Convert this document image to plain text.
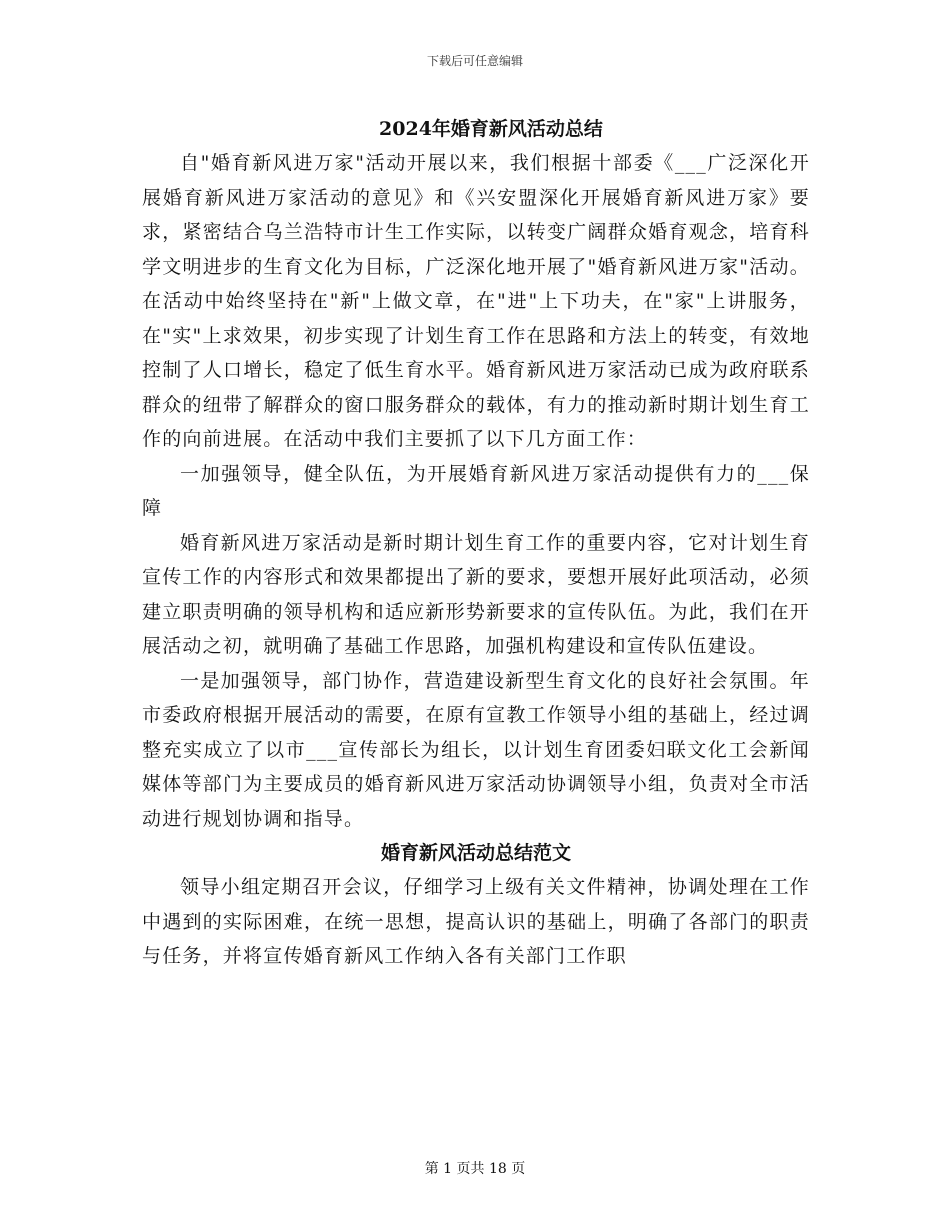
下载后可任意编辑
2024年婚育新风活动总结

自"婚育新风进万家"活动开展以来，我们根据十部委《___广泛深化开展婚育新风进万家活动的意见》和《兴安盟深化开展婚育新风进万家》要求，紧密结合乌兰浩特市计生工作实际，以转变广阔群众婚育观念，培育科学文明进步的生育文化为目标，广泛深化地开展了"婚育新风进万家"活动。在活动中始终坚持在"新"上做文章，在"进"上下功夫，在"家"上讲服务，在"实"上求效果，初步实现了计划生育工作在思路和方法上的转变，有效地控制了人口增长，稳定了低生育水平。婚育新风进万家活动已成为政府联系群众的纽带了解群众的窗口服务群众的载体，有力的推动新时期计划生育工作的向前进展。在活动中我们主要抓了以下几方面工作：

一加强领导，健全队伍，为开展婚育新风进万家活动提供有力的___保障

婚育新风进万家活动是新时期计划生育工作的重要内容，它对计划生育宣传工作的内容形式和效果都提出了新的要求，要想开展好此项活动，必须建立职责明确的领导机构和适应新形势新要求的宣传队伍。为此，我们在开展活动之初，就明确了基础工作思路，加强机构建设和宣传队伍建设。

一是加强领导，部门协作，营造建设新型生育文化的良好社会氛围。年市委政府根据开展活动的需要，在原有宣教工作领导小组的基础上，经过调整充实成立了以市___宣传部长为组长，以计划生育团委妇联文化工会新闻媒体等部门为主要成员的婚育新风进万家活动协调领导小组，负责对全市活动进行规划协调和指导。

婚育新风活动总结范文

领导小组定期召开会议，仔细学习上级有关文件精神，协调处理在工作中遇到的实际困难，在统一思想，提高认识的基础上，明确了各部门的职责与任务，并将宣传婚育新风工作纳入各有关部门工作职

第 1 页共 18 页
